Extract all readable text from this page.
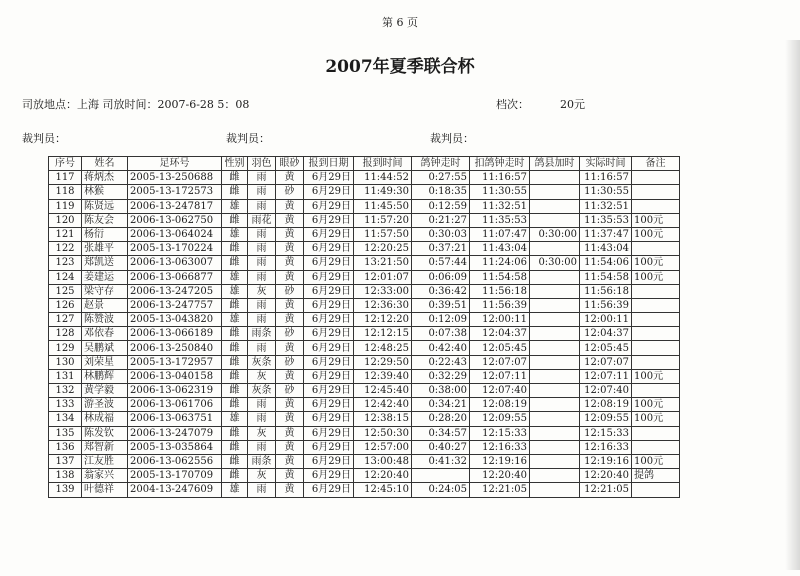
第 6 页
2007年夏季联合杯
司放地点：上海 司放时间：2007-6-28 5：08	档次：	20元
裁判员：	裁判员：	裁判员：
序号	姓名	足环号	性别	羽色	眼砂	报到日期	报到时间	鸽钟走时	扣鸽钟走时	鸽县加时	实际时间	备注
117	蒋炳杰	2005-13-250688	雌	雨	黄	6月29日	11:44:52	0:27:55	11:16:57		11:16:57	
118	林猴	2005-13-172573	雌	雨	砂	6月29日	11:49:30	0:18:35	11:30:55		11:30:55	
119	陈贤远	2006-13-247817	雄	雨	黄	6月29日	11:45:50	0:12:59	11:32:51		11:32:51	
120	陈友会	2006-13-062750	雌	雨花	黄	6月29日	11:57:20	0:21:27	11:35:53		11:35:53	100元
121	杨衍	2006-13-064024	雄	雨	黄	6月29日	11:57:50	0:30:03	11:07:47	0:30:00	11:37:47	100元
122	张雄平	2005-13-170224	雌	雨	黄	6月29日	12:20:25	0:37:21	11:43:04		11:43:04	
123	郑凯送	2006-13-063007	雌	雨	黄	6月29日	13:21:50	0:57:44	11:24:06	0:30:00	11:54:06	100元
124	姜建运	2006-13-066877	雄	雨	黄	6月29日	12:01:07	0:06:09	11:54:58		11:54:58	100元
125	梁守存	2006-13-247205	雄	灰	砂	6月29日	12:33:00	0:36:42	11:56:18		11:56:18	
126	赵景	2006-13-247757	雌	雨	黄	6月29日	12:36:30	0:39:51	11:56:39		11:56:39	
127	陈赞波	2005-13-043820	雄	雨	黄	6月29日	12:12:20	0:12:09	12:00:11		12:00:11	
128	邓依春	2006-13-066189	雌	雨条	砂	6月29日	12:12:15	0:07:38	12:04:37		12:04:37	
129	吴鹏斌	2006-13-250840	雌	雨	黄	6月29日	12:48:25	0:42:40	12:05:45		12:05:45	
130	刘荣星	2005-13-172957	雌	灰条	砂	6月29日	12:29:50	0:22:43	12:07:07		12:07:07	
131	林鹏辉	2006-13-040158	雌	灰	黄	6月29日	12:39:40	0:32:29	12:07:11		12:07:11	100元
132	黄学毅	2006-13-062319	雌	灰条	砂	6月29日	12:45:40	0:38:00	12:07:40		12:07:40	
133	游圣波	2006-13-061706	雌	雨	黄	6月29日	12:42:40	0:34:21	12:08:19		12:08:19	100元
134	林成福	2006-13-063751	雄	雨	黄	6月29日	12:38:15	0:28:20	12:09:55		12:09:55	100元
135	陈发钦	2006-13-247079	雌	灰	黄	6月29日	12:50:30	0:34:57	12:15:33		12:15:33	
136	郑智新	2005-13-035864	雌	雨	黄	6月29日	12:57:00	0:40:27	12:16:33		12:16:33	
137	江友胜	2006-13-062556	雌	雨条	黄	6月29日	13:00:48	0:41:32	12:19:16		12:19:16	100元
138	翁家兴	2005-13-170709	雌	灰	黄	6月29日	12:20:40		12:20:40		12:20:40	提鸽
139	叶德祥	2004-13-247609	雄	雨	黄	6月29日	12:45:10	0:24:05	12:21:05		12:21:05	
